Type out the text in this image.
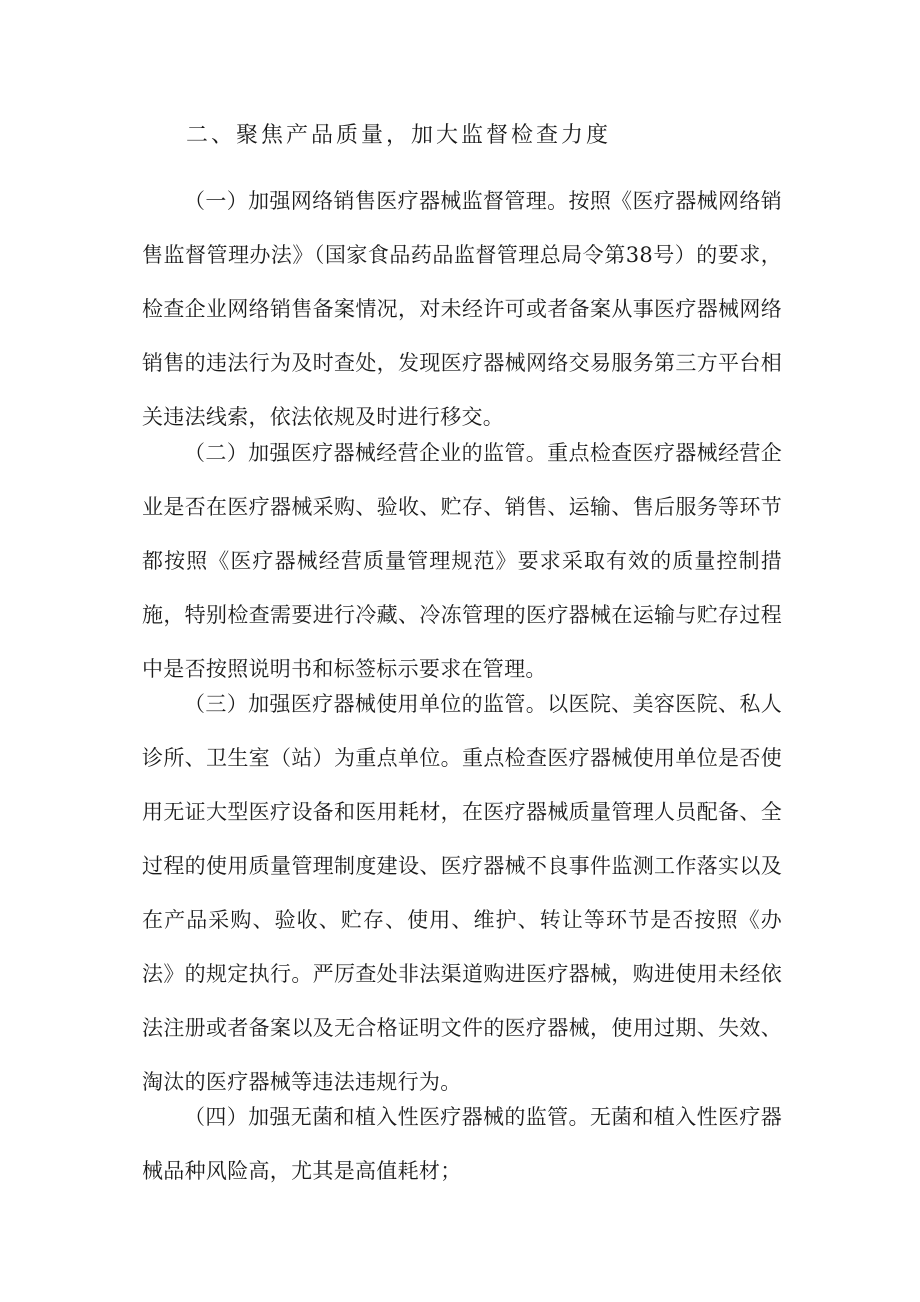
二、聚焦产品质量，加大监督检查力度

（一）加强网络销售医疗器械监督管理。按照《医疗器械网络销售监督管理办法》（国家食品药品监督管理总局令第38号）的要求，检查企业网络销售备案情况，对未经许可或者备案从事医疗器械网络销售的违法行为及时查处，发现医疗器械网络交易服务第三方平台相关违法线索，依法依规及时进行移交。

（二）加强医疗器械经营企业的监管。重点检查医疗器械经营企业是否在医疗器械采购、验收、贮存、销售、运输、售后服务等环节都按照《医疗器械经营质量管理规范》要求采取有效的质量控制措施，特别检查需要进行冷藏、冷冻管理的医疗器械在运输与贮存过程中是否按照说明书和标签标示要求在管理。

（三）加强医疗器械使用单位的监管。以医院、美容医院、私人诊所、卫生室（站）为重点单位。重点检查医疗器械使用单位是否使用无证大型医疗设备和医用耗材，在医疗器械质量管理人员配备、全过程的使用质量管理制度建设、医疗器械不良事件监测工作落实以及在产品采购、验收、贮存、使用、维护、转让等环节是否按照《办法》的规定执行。严厉查处非法渠道购进医疗器械，购进使用未经依法注册或者备案以及无合格证明文件的医疗器械，使用过期、失效、淘汰的医疗器械等违法违规行为。

（四）加强无菌和植入性医疗器械的监管。无菌和植入性医疗器械品种风险高，尤其是高值耗材；
